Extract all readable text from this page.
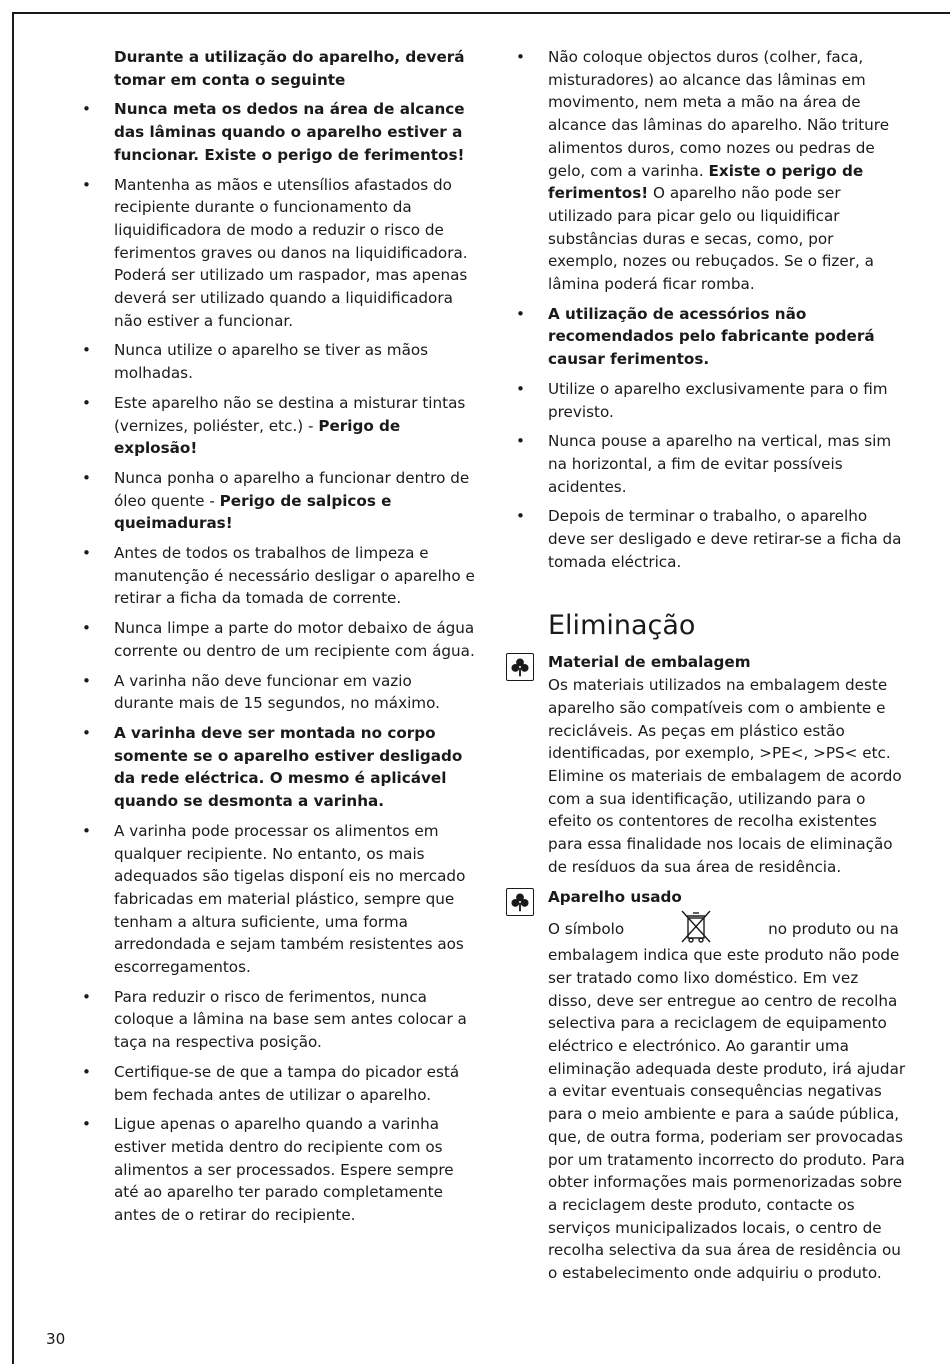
Durante a utilização do aparelho, deverá tomar em conta o seguinte

• Nunca meta os dedos na área de alcance das lâminas quando o aparelho estiver a funcionar. Existe o perigo de ferimentos!
• Mantenha as mãos e utensílios afastados do recipiente durante o funcionamento da liquidificadora de modo a reduzir o risco de ferimentos graves ou danos na liquidificadora. Poderá ser utilizado um raspador, mas apenas deverá ser utilizado quando a liquidificadora não estiver a funcionar.
• Nunca utilize o aparelho se tiver as mãos molhadas.
• Este aparelho não se destina a misturar tintas (vernizes, poliéster, etc.) - Perigo de explosão!
• Nunca ponha o aparelho a funcionar dentro de óleo quente - Perigo de salpicos e queimaduras!
• Antes de todos os trabalhos de limpeza e manutenção é necessário desligar o aparelho e retirar a ficha da tomada de corrente.
• Nunca limpe a parte do motor debaixo de água corrente ou dentro de um recipiente com água.
• A varinha não deve funcionar em vazio durante mais de 15 segundos, no máximo.
• A varinha deve ser montada no corpo somente se o aparelho estiver desligado da rede eléctrica. O mesmo é aplicável quando se desmonta a varinha.
• A varinha pode processar os alimentos em qualquer recipiente. No entanto, os mais adequados são tigelas disponí eis no mercado fabricadas em material plástico, sempre que tenham a altura suficiente, uma forma arredondada e sejam também resistentes aos escorregamentos.
• Para reduzir o risco de ferimentos, nunca coloque a lâmina na base sem antes colocar a taça na respectiva posição.
• Certifique-se de que a tampa do picador está bem fechada antes de utilizar o aparelho.
• Ligue apenas o aparelho quando a varinha estiver metida dentro do recipiente com os alimentos a ser processados. Espere sempre até ao aparelho ter parado completamente antes de o retirar do recipiente.
• Não coloque objectos duros (colher, faca, misturadores) ao alcance das lâminas em movimento, nem meta a mão na área de alcance das lâminas do aparelho. Não triture alimentos duros, como nozes ou pedras de gelo, com a varinha. Existe o perigo de ferimentos! O aparelho não pode ser utilizado para picar gelo ou liquidificar substâncias duras e secas, como, por exemplo, nozes ou rebuçados. Se o fizer, a lâmina poderá ficar romba.
• A utilização de acessórios não recomendados pelo fabricante poderá causar ferimentos.
• Utilize o aparelho exclusivamente para o fim previsto.
• Nunca pouse a aparelho na vertical, mas sim na horizontal, a fim de evitar possíveis acidentes.
• Depois de terminar o trabalho, o aparelho deve ser desligado e deve retirar-se a ficha da tomada eléctrica.
Eliminação

Material de embalagem

Os materiais utilizados na embalagem deste aparelho são compatíveis com o ambiente e recicláveis. As peças em plástico estão identificadas, por exemplo, >PE<, >PS< etc. Elimine os materiais de embalagem de acordo com a sua identificação, utilizando para o efeito os contentores de recolha existentes para essa finalidade nos locais de eliminação de resíduos da sua área de residência.

Aparelho usado

O símbolo	no produto ou na embalagem indica que este produto não pode ser tratado como lixo doméstico. Em vez disso, deve ser entregue ao centro de recolha selectiva para a reciclagem de equipamento eléctrico e electrónico. Ao garantir uma eliminação adequada deste produto, irá ajudar a evitar eventuais consequências negativas para o meio ambiente e para a saúde pública, que, de outra forma, poderiam ser provocadas por um tratamento incorrecto do produto. Para obter informações mais pormenorizadas sobre a reciclagem deste produto, contacte os serviços municipalizados locais, o centro de recolha selectiva da sua área de residência ou o estabelecimento onde adquiriu o produto.

30
